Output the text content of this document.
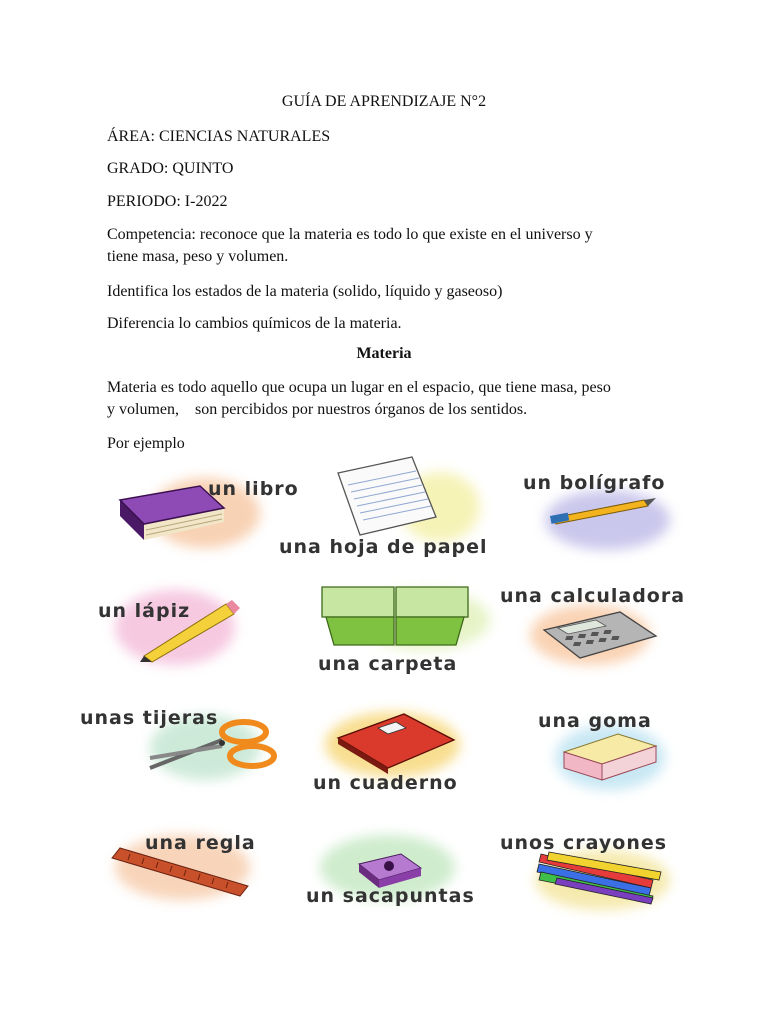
GUÍA DE APRENDIZAJE N°2
ÁREA: CIENCIAS NATURALES
GRADO: QUINTO
PERIODO: I-2022
Competencia: reconoce que la materia es todo lo que existe en el universo y
tiene masa, peso y volumen.
Identifica los estados de la materia (solido, líquido y gaseoso)
Diferencia lo cambios químicos de la materia.
Materia
Materia es todo aquello que ocupa un lugar en el espacio, que tiene masa, peso
y volumen,    son percibidos por nuestros órganos de los sentidos.
Por ejemplo
un libro
una hoja de papel
un bolígrafo
un lápiz
una carpeta
una calculadora
unas tijeras
un cuaderno
una goma
una regla
un sacapuntas
unos crayones
